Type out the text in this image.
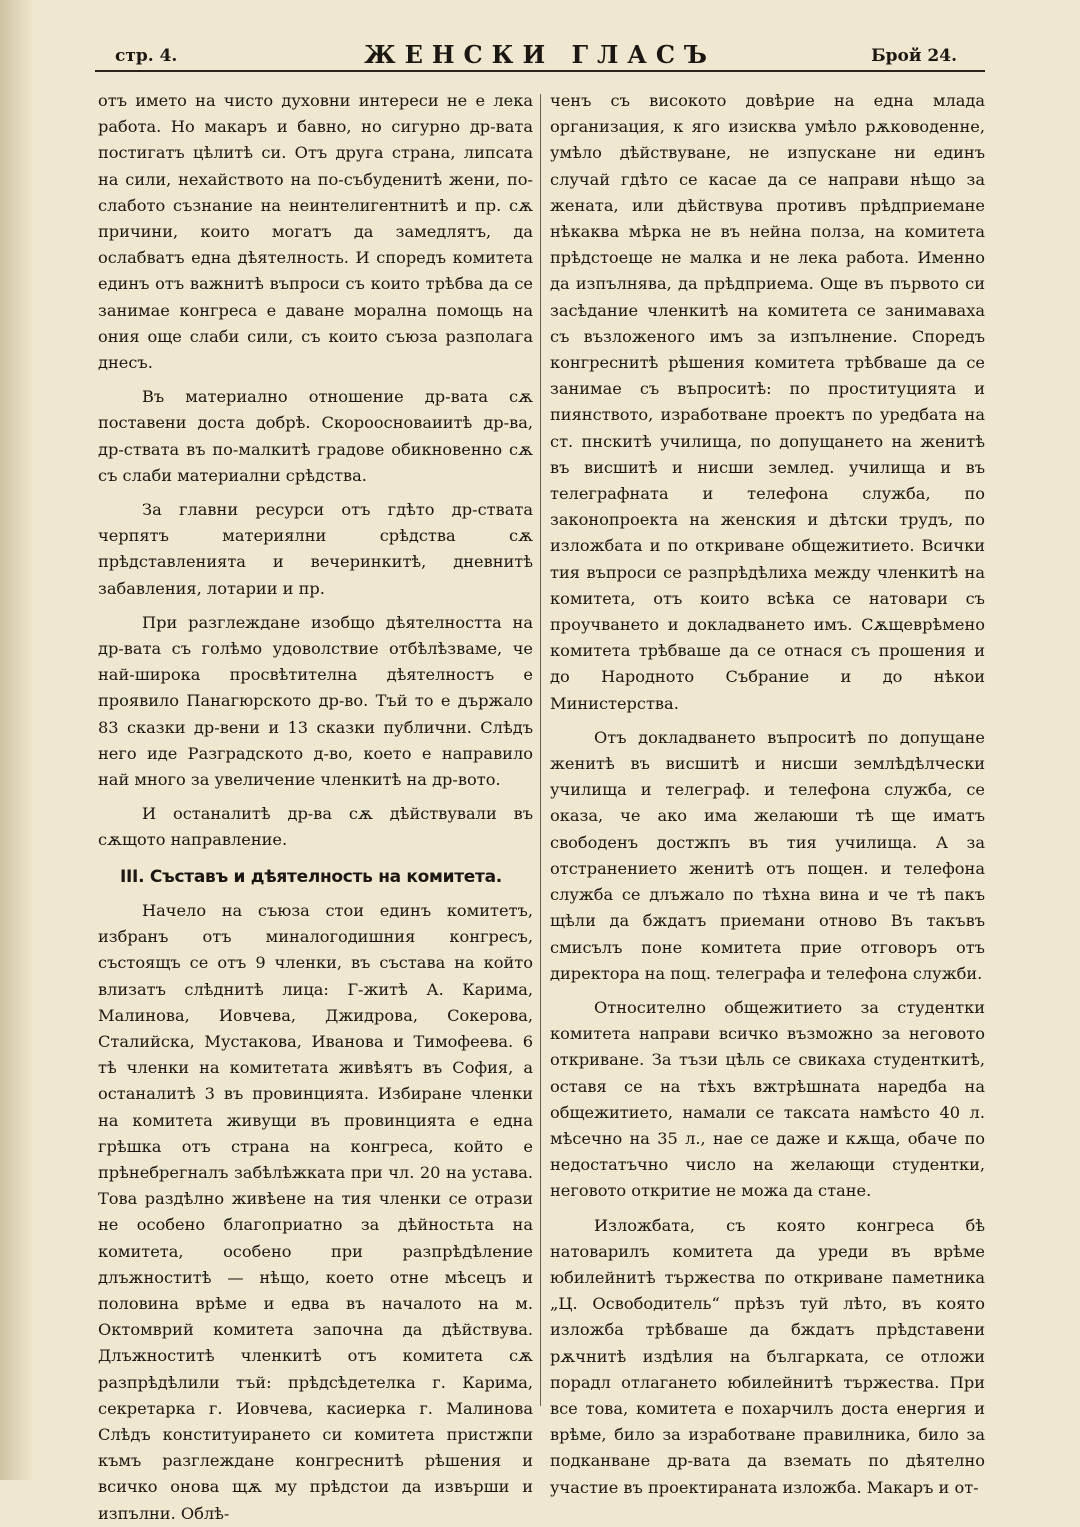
стр. 4.	ЖЕНСКИ ГЛАСЪ	Брой 24.

отъ името на чисто духовни интереси не е лека работа. Но макаръ и бавно, но сигурно др-вата постигатъ цѣлитѣ си. Отъ друга страна, липсата на сили, нехайството на по-събуденитѣ жени, по-слабото съзнание на неинтелигентнитѣ и пр. сѫ причини, които могатъ да замедлятъ, да ослабватъ една дѣятелность. И споредъ комитета единъ отъ важнитѣ въпроси съ които трѣбва да се занимае конгреса е даване морална помощь на ония още слаби сили, съ които съюза разполага днесъ.

Въ материално отношение др-вата сѫ поставени доста добрѣ. Скороосноваиитѣ др-ва, др-ствата въ по-малкитѣ градове обикновенно сѫ съ слаби материални срѣдства.

За главни ресурси отъ гдѣто др-ствата черпятъ материялни срѣдства сѫ прѣдставленията и вечеринкитѣ, дневнитѣ забавления, лотарии и пр.

При разглеждане изобщо дѣятелността на др-вата съ голѣмо удоволствие отбѣлѣзваме, че най-широка просвѣтителна дѣятелностъ е проявило Панагюрското др-во. Тъй то е държало 83 сказки др-вени и 13 сказки публични. Слѣдъ него иде Разградското д-во, което е направило най много за увеличение членкитѣ на др-вото.

И останалитѣ др-ва сѫ дѣйствували въ сѫщото направление.

III. Съставъ и дѣятелность на комитета.

Начело на съюза стои единъ комитетъ, избранъ отъ миналогодишния конгресъ, състоящъ се отъ 9 членки, въ състава на който влизатъ слѣднитѣ лица: Г-житѣ А. Карима, Малинова, Иовчева, Джидрова, Сокерова, Сталийска, Мустакова, Иванова и Тимофеева. 6 тѣ членки на комитетата живѣятъ въ София, а останалитѣ 3 въ провинцията. Избиране членки на комитета живущи въ провинцията е една грѣшка отъ страна на конгреса, който е прѣнебрегналъ забѣлѣжката при чл. 20 на устава. Това раздѣлно живѣене на тия членки се отрази не особено благоприатно за дѣйностьта на комитета, особено при разпрѣдѣление длъжноститѣ — нѣщо, което отне мѣсецъ и половина врѣме и едва въ началото на м. Октомврий комитета започна да дѣйствува. Длъжноститѣ членкитѣ отъ комитета сѫ разпрѣдѣлили тъй: прѣдсѣдетелка г. Карима, секретарка г. Иовчева, касиерка г. Малинова Слѣдъ конституирането си комитета пристжпи къмъ разглеждане конгреснитѣ рѣшения и всичко онова щѫ му прѣдстои да извърши и изпълни. Облѣ-

ченъ съ високото довѣрие на една млада организация, к яго изисква умѣло рѫководенне, умѣло дѣйствуване, не изпускане ни единъ случай гдѣто се касае да се направи нѣщо за жената, или дѣйствува противъ прѣдприемане нѣкаква мѣрка не въ нейна полза, на комитета прѣдстоеще не малка и не лека работа. Именно да изпълнява, да прѣдприема. Още въ първото си засѣдание членкитѣ на комитета се занимаваха съ възложеного имъ за изпълнение. Споредъ конгреснитѣ рѣшения комитета трѣбваше да се занимае съ въпроситѣ: по проституцията и пиянството, изработване проектъ по уредбата на ст. пнскитѣ училища, по допущането на женитѣ въ висшитѣ и нисши землед. училища и въ телеграфната и телефона служба, по законопроекта на женския и дѣтски трудъ, по изложбата и по откриване общежитието. Всички тия въпроси се разпрѣдѣлиха между членкитѣ на комитета, отъ които всѣка се натовари съ проучването и докладването имъ. Сѫщеврѣмено комитета трѣбваше да се отнася съ прошения и до Народното Събрание и до нѣкои Министерства.

Отъ докладването въпроситѣ по допущане женитѣ въ висшитѣ и нисши землѣдѣлчески училища и телеграф. и телефона служба, се оказа, че ако има желаюши тѣ ще иматъ свободенъ достжпъ въ тия училища. А за отстранението женитѣ отъ пощен. и телефона служба се длъжало по тѣхна вина и че тѣ пакъ щѣли да бждатъ приемани отново Въ такъвъ смисълъ поне комитета прие отговоръ отъ директора на пощ. телеграфа и телефона служби.

Относително общежитието за студентки комитета направи всичко възможно за неговото откриване. За тъзи цѣль се свикаха студенткитѣ, оставя се на тѣхъ вжтрѣшната наредба на общежитието, намали се таксата намѣсто 40 л. мѣсечно на 35 л., нае се даже и кѫща, обаче по недостатъчно число на желающи студентки, неговото откритие не можа да стане.

Изложбата, съ която конгреса бѣ натоварилъ комитета да уреди въ врѣме юбилейнитѣ тържества по откриване паметника „Ц. Освободитель“ прѣзъ туй лѣто, въ която изложба трѣбваше да бждатъ прѣдставени рѫчнитѣ издѣлия на българката, се отложи порадл отлагането юбилейнитѣ тържества. При все това, комитета е похарчилъ доста енергия и врѣме, било за изработване правилника, било за подканване др-вата да вземать по дѣятелно участие въ проектираната изложба. Макаръ и от-
